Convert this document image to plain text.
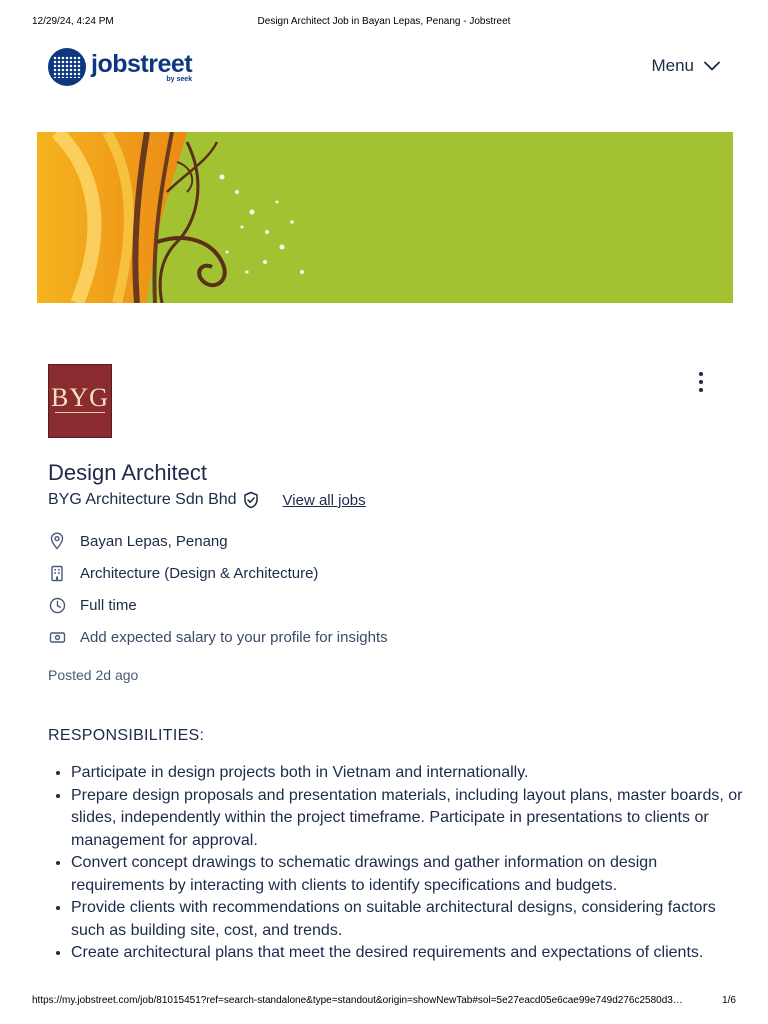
12/29/24, 4:24 PM	Design Architect Job in Bayan Lepas, Penang - Jobstreet
jobstreet
by seek
Menu
BYG
Design Architect
BYG Architecture Sdn Bhd	View all jobs
Bayan Lepas, Penang
Architecture (Design & Architecture)
Full time
Add expected salary to your profile for insights
Posted 2d ago
RESPONSIBILITIES:
• Participate in design projects both in Vietnam and internationally.
• Prepare design proposals and presentation materials, including layout plans, master boards, or slides, independently within the project timeframe. Participate in presentations to clients or management for approval.
• Convert concept drawings to schematic drawings and gather information on design requirements by interacting with clients to identify specifications and budgets.
• Provide clients with recommendations on suitable architectural designs, considering factors such as building site, cost, and trends.
• Create architectural plans that meet the desired requirements and expectations of clients.
https://my.jobstreet.com/job/81015451?ref=search-standalone&type=standout&origin=showNewTab#sol=5e27eacd05e6cae99e749d276c2580d3…	1/6
